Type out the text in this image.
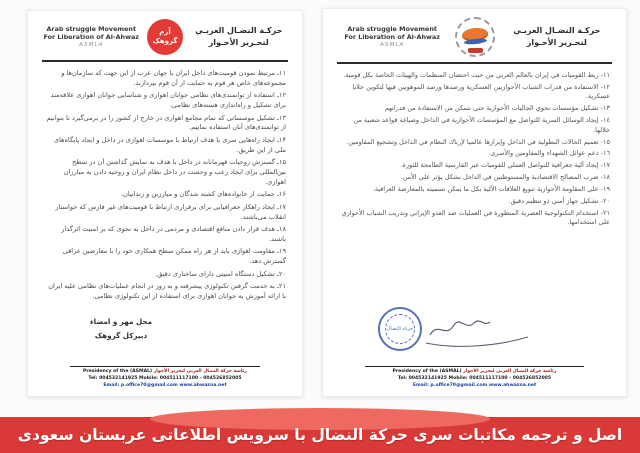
Arab struggle Movement
For Liberation of Al-Ahwaz
ASMLA
آرم
گروهک
حركـة النضـال العربـي
لتحـرير الأحـواز

۱۱ـ مرتبط نمودن قومیت‌های داخل ایران با جهان عرب از این جهت که سازمان‌ها و مجموعه‌های خاص هر قوم به حمایت از آن قوم بپردازند.

۱۲ـ استفاده از توانمندی‌های نظامی جوانان اهوازی و شناسایی جوانان اهوازی علاقه‌مند برای تشکیل و راه‌اندازی هسته‌های نظامی.

۱۳ـ تشکیل موسساتی که تمام مجامع اهوازی در خارج از کشور را در برمی‌گیرد تا بتوانیم از توانمندی‌های آنان استفاده نماییم.

۱۴ـ ایجاد راه‌هایی سری با هدف ارتباط با موسسات اهوازی در داخل و ایجاد پایگاه‌های ملی از این طریق.

۱۵ـ گسترش روحیات قهرمانانه در داخل با هدف به نمایش گذاشتن آن در سطح بین‌المللی برای ایجاد رعب و وحشت در داخل نظام ایران و روحیه دادن به مبارزان اهوازی.

۱۶ـ حمایت از خانواده‌های کشته شدگان و مبارزین و زندانیان.

۱۷ـ ایجاد راهکار جغرافیایی برای برقراری ارتباط با قومیت‌های غیر فارس که خواستار انقلاب می‌باشند.

۱۸ـ هدف قرار دادن منافع اقتصادی و مردمی در داخل به نحوی که بر امنیت اثرگذار باشند.

۱۹ـ مقاومت اهوازی باید از هر راه ممکن سطح همکاری خود را با معارضین عراقی گسترش دهد.

۲۰ـ تشکیل دستگاه امنیتی دارای ساختاری دقیق.

۲۱ـ به خدمت گرفتن تکنولوژی پیشرفته و به روز در انجام عملیات‌های نظامی علیه ایران با ارائه آموزش به جوانان اهوازی برای استفاده از این تکنولوژی نظامی.

محل مهر و امضاء
دبیرکل گروهک
Presidency of the (ASMAL) رئاسة حركة النضال العربي لتحرير الأحواز
Tel: 004532141925 Mobile: 004511117100 - 004526852005
Email: p.office70@gmail.com www.ahwazna.net
Arab struggle Movement
For Liberation of Al-Ahwaz
ASMLA
حركـة النضـال العربـي
لتحـرير الأحـواز

١١- ربط القوميات في إيران بالعالم العربي من حيث احتضان المنظمات والهيئات الخاصة بكل قومية.

١٢- الاستفادة من قدرات الشباب الأحوازيين العسكرية ورصدها ورصد الموهوبين فيها لتكوين خلايا عسكرية.

١٣- تشكيل مؤسسات تحوي الجاليات الأحوازية حتى نتمكن من الاستفادة من قدراتهم

١٤- إيجاد الوسائل السرية للتواصل مع المؤسسات الأحوازية في الداخل وصياغة قواعد شعبية من خلالها.

١٥- تعميم الحالات البطولية في الداخل وإبرازها عالميا لإرباك النظام في الداخل وتشجيع المقاومين.

١٦- دعم عوائل الشهداء والمقاومين والأسرى.

١٧- إيجاد آلية جغرافية للتواصل العملي للقوميات غير الفارسية الطامحة للثورة.

١٨- ضرب المصالح الاقتصادية والمستوطنين في الداخل بشكل يؤثر على الأمن.

١٩- على المقاومة الأحوازية تنويع العلاقات الآلية بكل ما يمكن تسميته بالمعارضة العراقية.

٢٠- تشكيل جهاز أمني ذو تنظيم دقيق.

٢١- استخدام التكنولوجية العصرية المتطورة في العمليات ضد العدو الإيراني وتدريب الشباب الأحوازي على استخدامها.

حركة النضال
Presidency of the (ASMAL) رئاسة حركة النضال العربي لتحرير الأحواز
Tel: 004532141925 Mobile: 004511117100 - 004526852005
Email: p.office70@gmail.com www.ahwazna.net
اصل و ترجمه مکاتبات سری حرکة النضال با سرویس اطلاعاتی عربستان سعودی
